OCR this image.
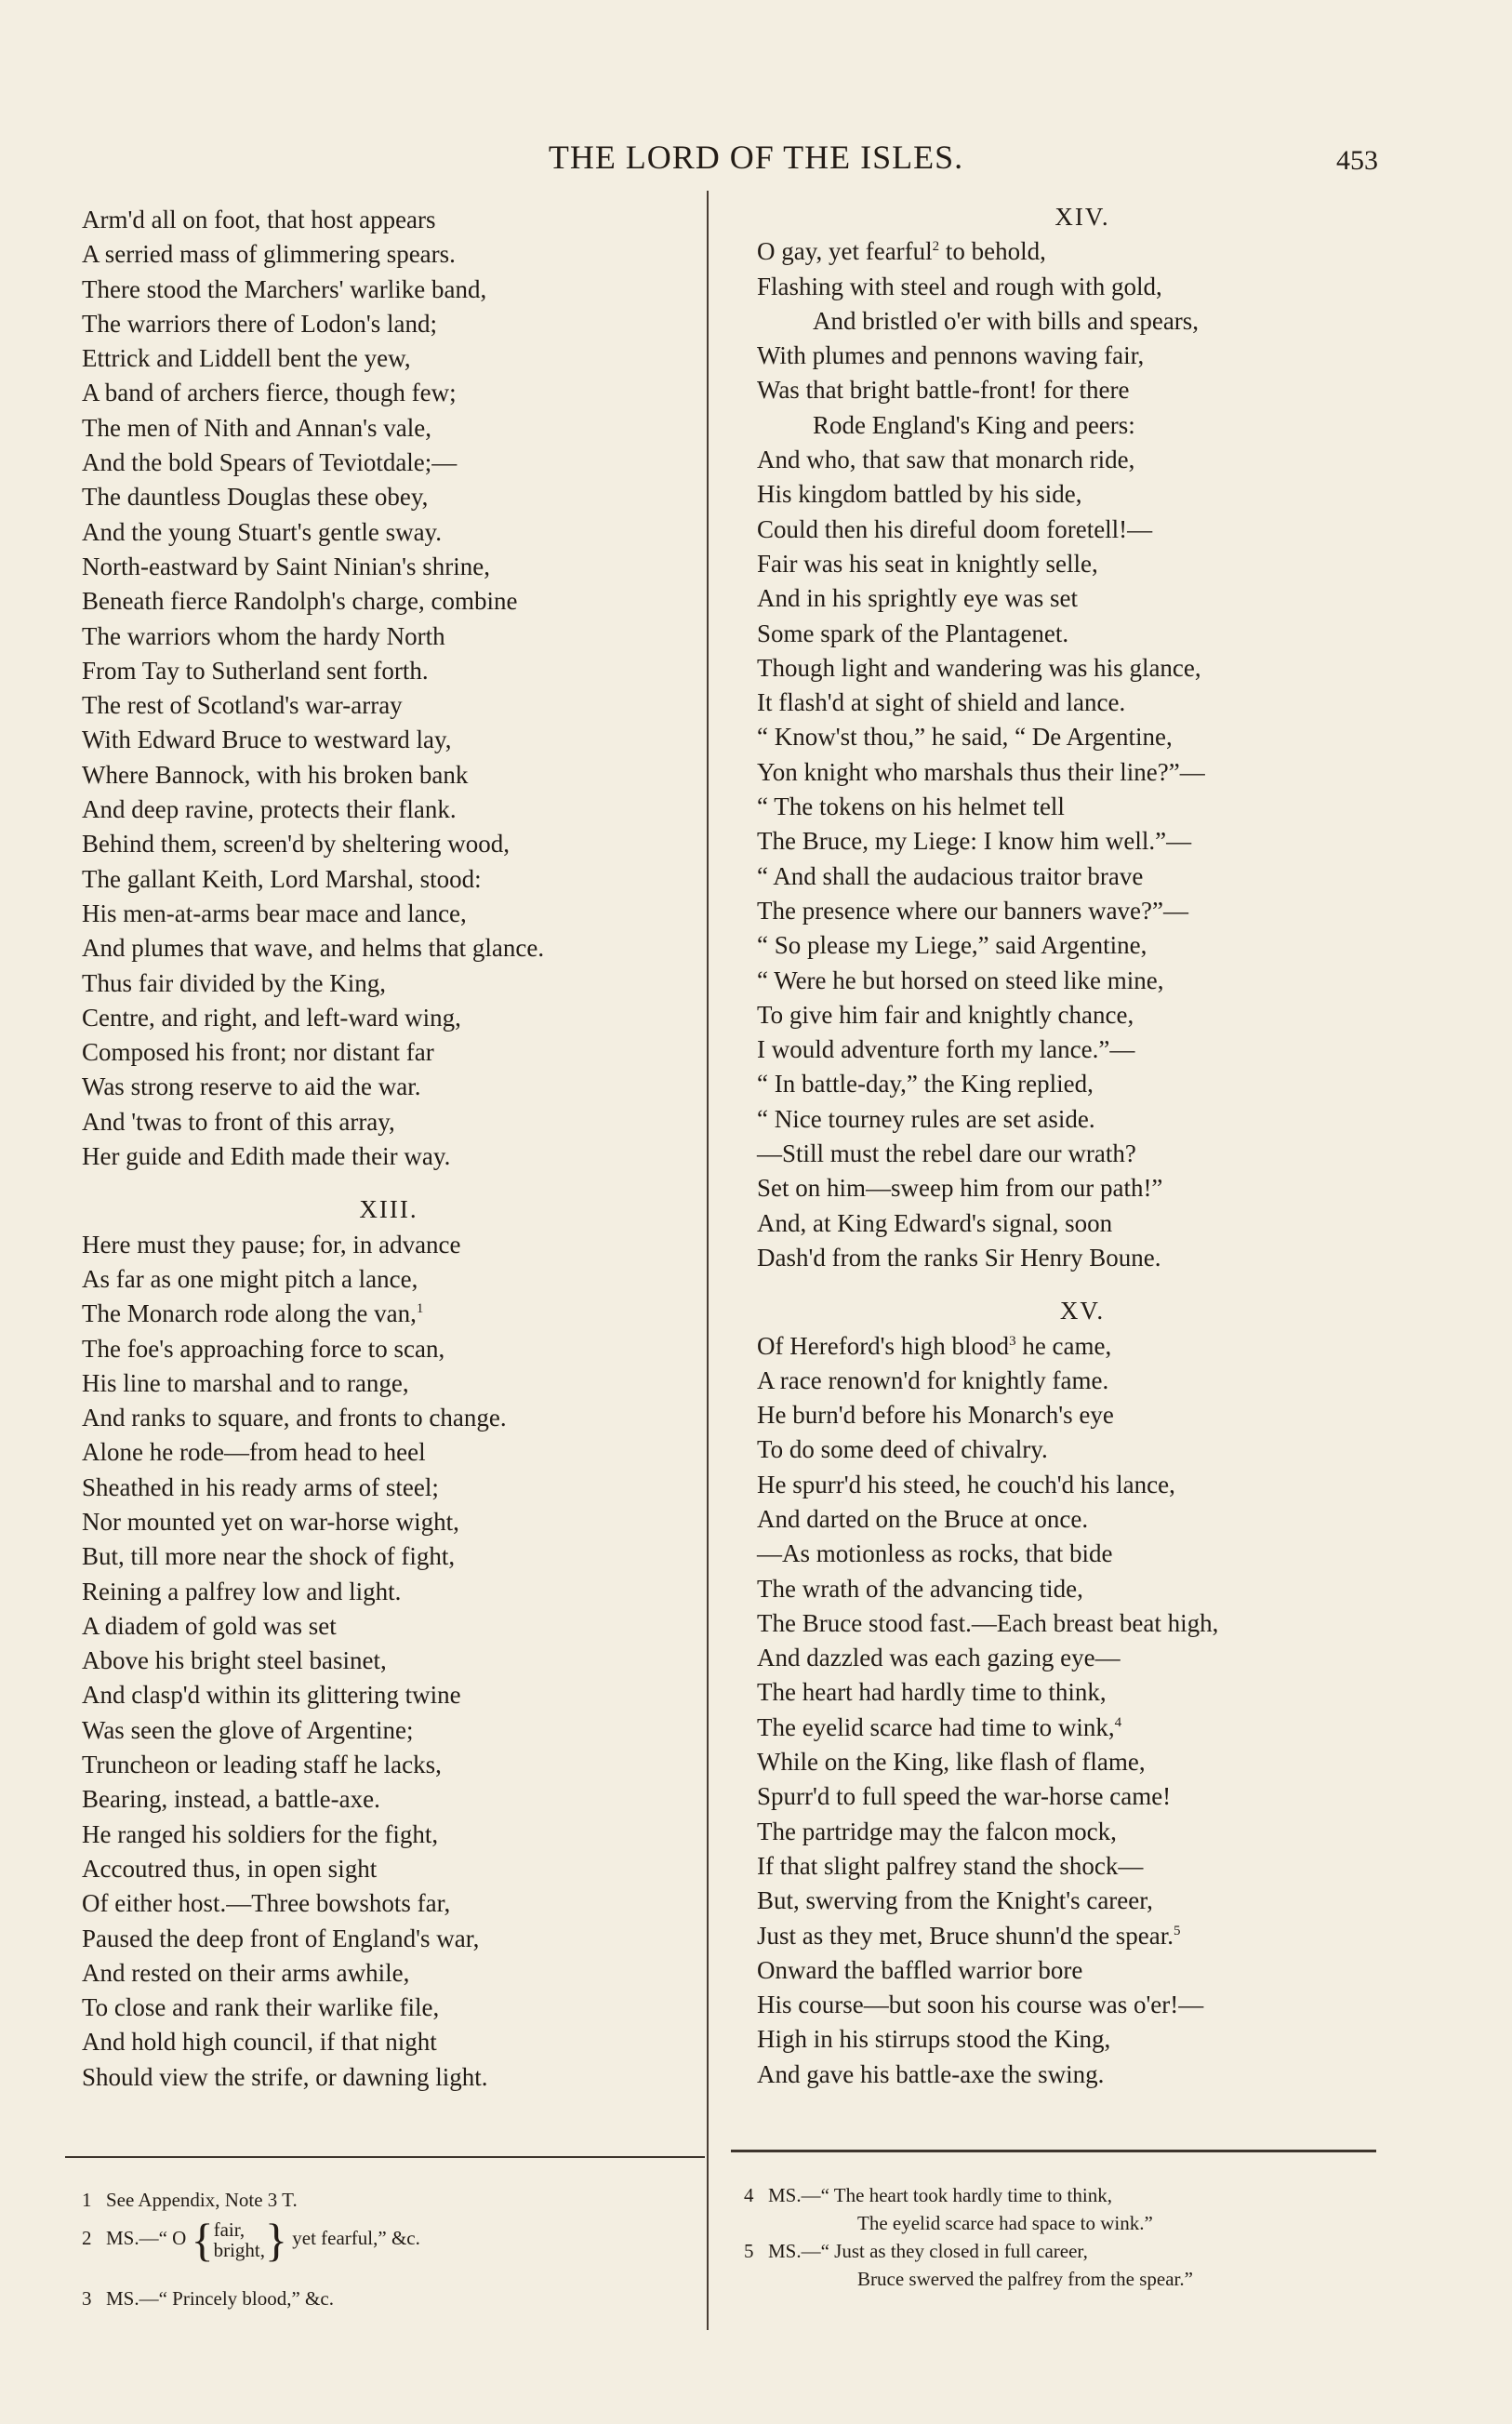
THE LORD OF THE ISLES.	453
Arm'd all on foot, that host appears
A serried mass of glimmering spears.
There stood the Marchers' warlike band,
The warriors there of Lodon's land;
Ettrick and Liddell bent the yew,
A band of archers fierce, though few;
The men of Nith and Annan's vale,
And the bold Spears of Teviotdale;—
The dauntless Douglas these obey,
And the young Stuart's gentle sway.
North-eastward by Saint Ninian's shrine,
Beneath fierce Randolph's charge, combine
The warriors whom the hardy North
From Tay to Sutherland sent forth.
The rest of Scotland's war-array
With Edward Bruce to westward lay,
Where Bannock, with his broken bank
And deep ravine, protects their flank.
Behind them, screen'd by sheltering wood,
The gallant Keith, Lord Marshal, stood:
His men-at-arms bear mace and lance,
And plumes that wave, and helms that glance.
Thus fair divided by the King,
Centre, and right, and left-ward wing,
Composed his front; nor distant far
Was strong reserve to aid the war.
And 'twas to front of this array,
Her guide and Edith made their way.
XIII.
Here must they pause; for, in advance
As far as one might pitch a lance,
The Monarch rode along the van,$^1$
The foe's approaching force to scan,
His line to marshal and to range,
And ranks to square, and fronts to change.
Alone he rode—from head to heel
Sheathed in his ready arms of steel;
Nor mounted yet on war-horse wight,
But, till more near the shock of fight,
Reining a palfrey low and light.
A diadem of gold was set
Above his bright steel basinet,
And clasp'd within its glittering twine
Was seen the glove of Argentine;
Truncheon or leading staff he lacks,
Bearing, instead, a battle-axe.
He ranged his soldiers for the fight,
Accoutred thus, in open sight
Of either host.—Three bowshots far,
Paused the deep front of England's war,
And rested on their arms awhile,
To close and rank their warlike file,
And hold high council, if that night
Should view the strife, or dawning light.
XIV.
O gay, yet fearful$^2$ to behold,
Flashing with steel and rough with gold,
And bristled o'er with bills and spears,
With plumes and pennons waving fair,
Was that bright battle-front! for there
Rode England's King and peers:
And who, that saw that monarch ride,
His kingdom battled by his side,
Could then his direful doom foretell!—
Fair was his seat in knightly selle,
And in his sprightly eye was set
Some spark of the Plantagenet.
Though light and wandering was his glance,
It flash'd at sight of shield and lance.
“ Know'st thou,” he said, “ De Argentine,
Yon knight who marshals thus their line?”—
“ The tokens on his helmet tell
The Bruce, my Liege: I know him well.”—
“ And shall the audacious traitor brave
The presence where our banners wave?”—
“ So please my Liege,” said Argentine,
“ Were he but horsed on steed like mine,
To give him fair and knightly chance,
I would adventure forth my lance.”—
“ In battle-day,” the King replied,
“ Nice tourney rules are set aside.
—Still must the rebel dare our wrath?
Set on him—sweep him from our path!”
And, at King Edward's signal, soon
Dash'd from the ranks Sir Henry Boune.
XV.
Of Hereford's high blood$^3$ he came,
A race renown'd for knightly fame.
He burn'd before his Monarch's eye
To do some deed of chivalry.
He spurr'd his steed, he couch'd his lance,
And darted on the Bruce at once.
—As motionless as rocks, that bide
The wrath of the advancing tide,
The Bruce stood fast.—Each breast beat high,
And dazzled was each gazing eye—
The heart had hardly time to think,
The eyelid scarce had time to wink,$^4$
While on the King, like flash of flame,
Spurr'd to full speed the war-horse came!
The partridge may the falcon mock,
If that slight palfrey stand the shock—
But, swerving from the Knight's career,
Just as they met, Bruce shunn'd the spear.$^5$
Onward the baffled warrior bore
His course—but soon his course was o'er!—
High in his stirrups stood the King,
And gave his battle-axe the swing.
1 See Appendix, Note 3 T.
2 MS.—“ O {fair,
bright,} yet fearful,” &c.
3 MS.—“ Princely blood,” &c.
4 MS.—“ The heart took hardly time to think,
The eyelid scarce had space to wink.”
5 MS.—“ Just as they closed in full career,
Bruce swerved the palfrey from the spear.”
